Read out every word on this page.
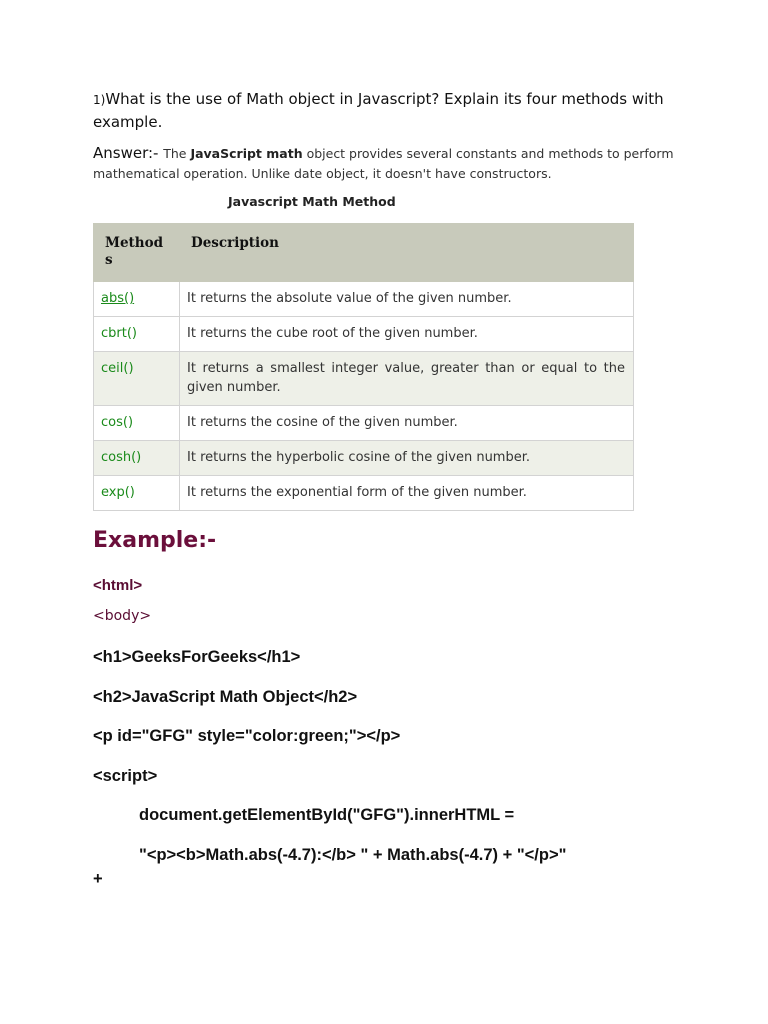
1)What is the use of Math object in Javascript? Explain its four methods with example.
Answer:- The JavaScript math object provides several constants and methods to perform mathematical operation. Unlike date object, it doesn't have constructors.
Javascript Math Method
Methods	Description
abs()	It returns the absolute value of the given number.
cbrt()	It returns the cube root of the given number.
ceil()	It returns a smallest integer value, greater than or equal to the given number.
cos()	It returns the cosine of the given number.
cosh()	It returns the hyperbolic cosine of the given number.
exp()	It returns the exponential form of the given number.
Example:-
<html>
<body>
<h1>GeeksForGeeks</h1>
<h2>JavaScript Math Object</h2>
<p id="GFG" style="color:green;"></p>
<script>
document.getElementById("GFG").innerHTML =
"<p><b>Math.abs(-4.7):</b> " + Math.abs(-4.7) + "</p>"
+
